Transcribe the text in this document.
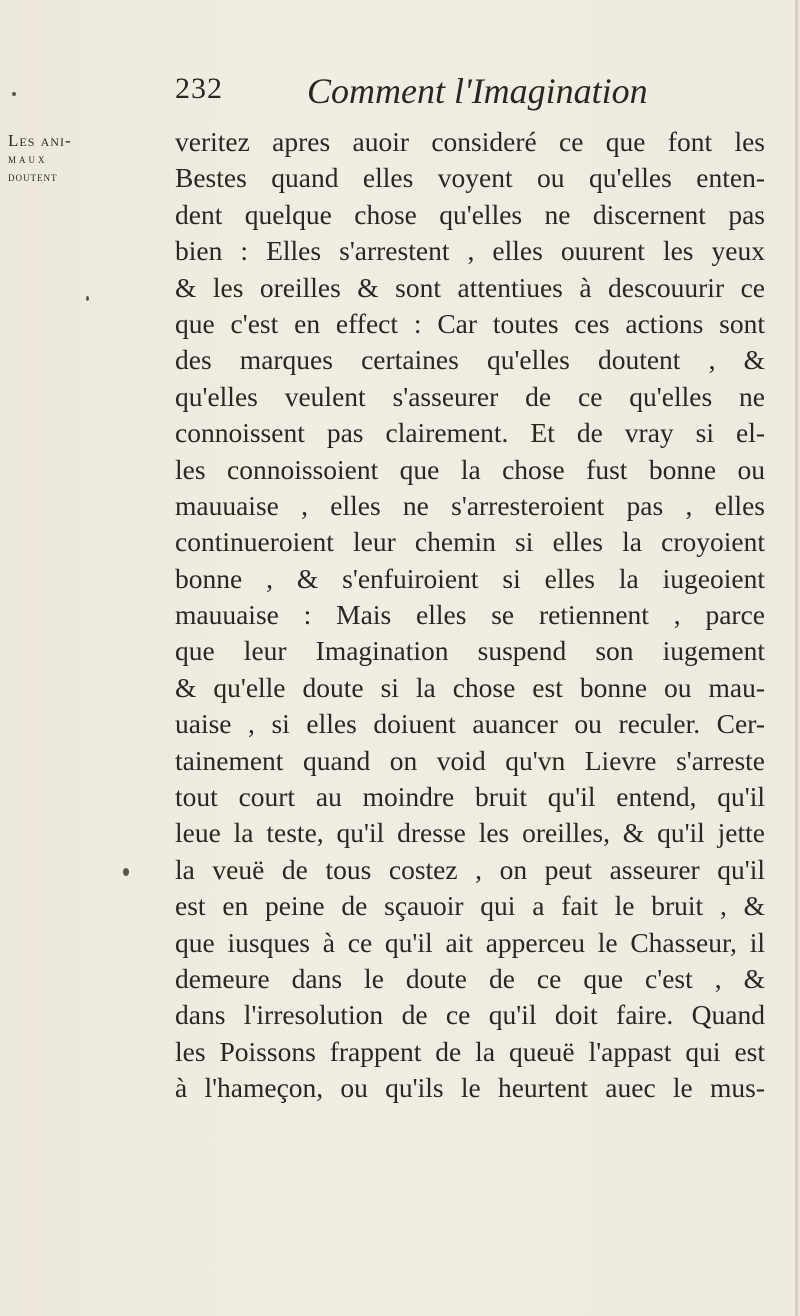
232 Comment l'Imagination
Les ani-
maux
doutent
veritez apres auoir consideré ce que font les
Bestes quand elles voyent ou qu'elles enten-
dent quelque chose qu'elles ne discernent pas
bien : Elles s'arrestent , elles ouurent les yeux
& les oreilles & sont attentiues à descouurir ce
que c'est en effect : Car toutes ces actions sont
des marques certaines qu'elles doutent , &
qu'elles veulent s'asseurer de ce qu'elles ne
connoissent pas clairement. Et de vray si el-
les connoissoient que la chose fust bonne ou
mauuaise , elles ne s'arresteroient pas , elles
continueroient leur chemin si elles la croyoient
bonne , & s'enfuiroient si elles la iugeoient
mauuaise : Mais elles se retiennent , parce
que leur Imagination suspend son iugement
& qu'elle doute si la chose est bonne ou mau-
uaise , si elles doiuent auancer ou reculer. Cer-
tainement quand on void qu'vn Lievre s'arreste
tout court au moindre bruit qu'il entend, qu'il
leue la teste, qu'il dresse les oreilles, & qu'il jette
la veuë de tous costez , on peut asseurer qu'il
est en peine de sçauoir qui a fait le bruit , &
que iusques à ce qu'il ait apperceu le Chasseur, il
demeure dans le doute de ce que c'est , &
dans l'irresolution de ce qu'il doit faire. Quand
les Poissons frappent de la queuë l'appast qui est
à l'hameçon, ou qu'ils le heurtent auec le mus-
